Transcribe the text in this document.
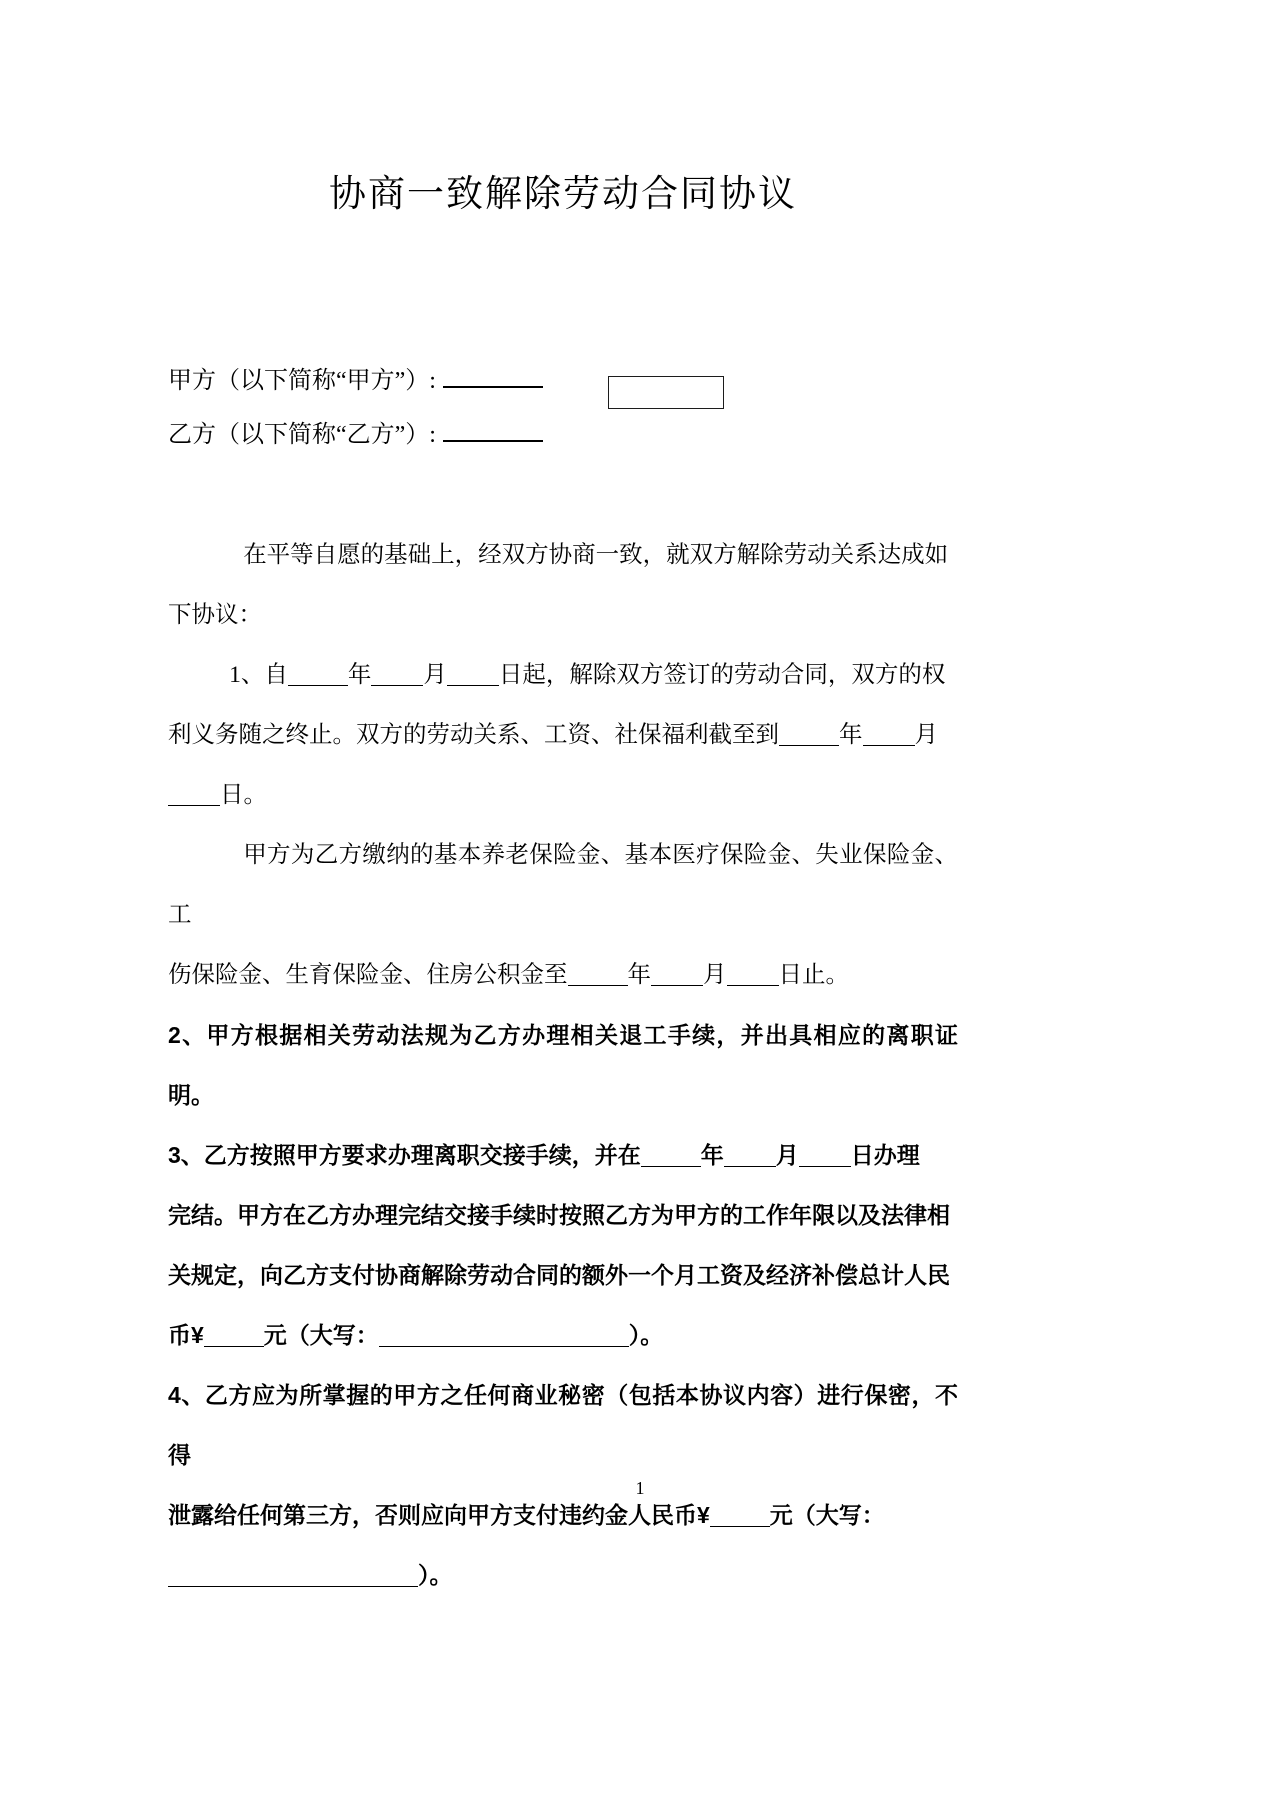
协商一致解除劳动合同协议
甲方（以下简称“甲方”）:
乙方（以下简称“乙方”）:

在平等自愿的基础上，经双方协商一致，就双方解除劳动关系达成如

下协议：

1、自	年 月 日起，解除双方签订的劳动合同，双方的权

利义务随之终止。双方的劳动关系、工资、社保福利截至到	年 月

日。

甲方为乙方缴纳的基本养老保险金、基本医疗保险金、失业保险金、工

伤保险金、生育保险金、住房公积金至	年 月 日止。

2、甲方根据相关劳动法规为乙方办理相关退工手续，并出具相应的离职证明。

3、乙方按照甲方要求办理离职交接手续，并在	年 月 日办理

完结。甲方在乙方办理完结交接手续时按照乙方为甲方的工作年限以及法律相

关规定，向乙方支付协商解除劳动合同的额外一个月工资及经济补偿总计人民

币¥	元（大写：	）。

4、乙方应为所掌握的甲方之任何商业秘密（包括本协议内容）进行保密，不得

泄露给任何第三方，否则应向甲方支付违约金人民币¥	元（大写：

）。

1
